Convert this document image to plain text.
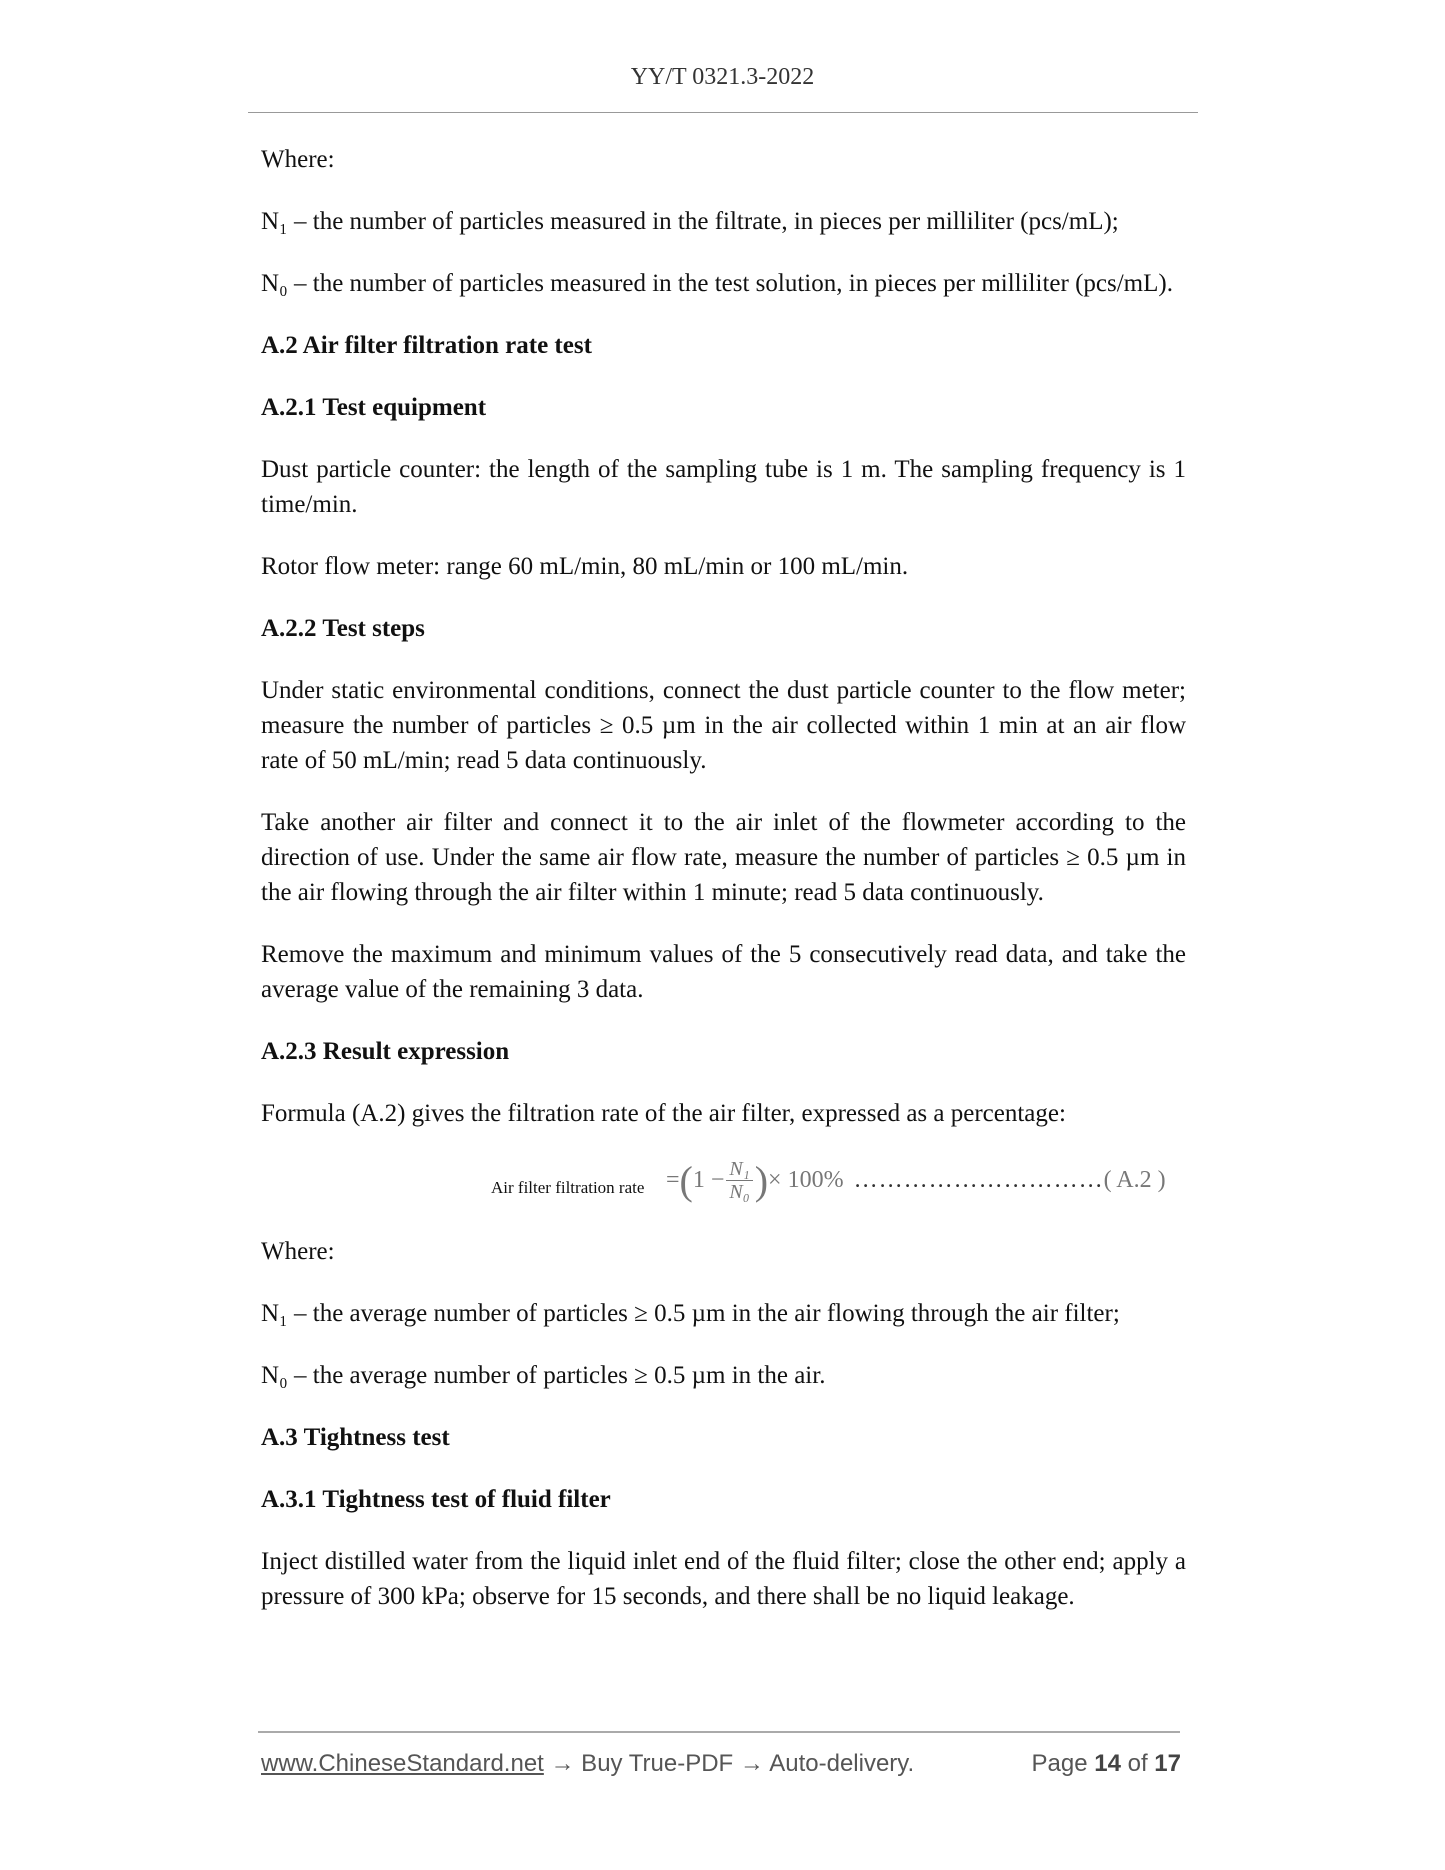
YY/T 0321.3-2022

Where:

N₁ – the number of particles measured in the filtrate, in pieces per milliliter (pcs/mL);

N₀ – the number of particles measured in the test solution, in pieces per milliliter (pcs/mL).

A.2 Air filter filtration rate test

A.2.1 Test equipment

Dust particle counter: the length of the sampling tube is 1 m. The sampling frequency is 1 time/min.

Rotor flow meter: range 60 mL/min, 80 mL/min or 100 mL/min.

A.2.2 Test steps

Under static environmental conditions, connect the dust particle counter to the flow meter; measure the number of particles ≥ 0.5 µm in the air collected within 1 min at an air flow rate of 50 mL/min; read 5 data continuously.

Take another air filter and connect it to the air inlet of the flowmeter according to the direction of use. Under the same air flow rate, measure the number of particles ≥ 0.5 µm in the air flowing through the air filter within 1 minute; read 5 data continuously.

Remove the maximum and minimum values of the 5 consecutively read data, and take the average value of the remaining 3 data.

A.2.3 Result expression

Formula (A.2) gives the filtration rate of the air filter, expressed as a percentage:

Air filter filtration rate = ( $1 - \frac{\text{N₁}}{\text{N₀}}$ ) × 100% ………………………… ( A.2 )

Where:

N₁ – the average number of particles ≥ 0.5 µm in the air flowing through the air filter;

N₀ – the average number of particles ≥ 0.5 µm in the air.

A.3 Tightness test

A.3.1 Tightness test of fluid filter

Inject distilled water from the liquid inlet end of the fluid filter; close the other end; apply a pressure of 300 kPa; observe for 15 seconds, and there shall be no liquid leakage.

www.ChineseStandard.net → Buy True-PDF → Auto-delivery.	Page 14 of 17
